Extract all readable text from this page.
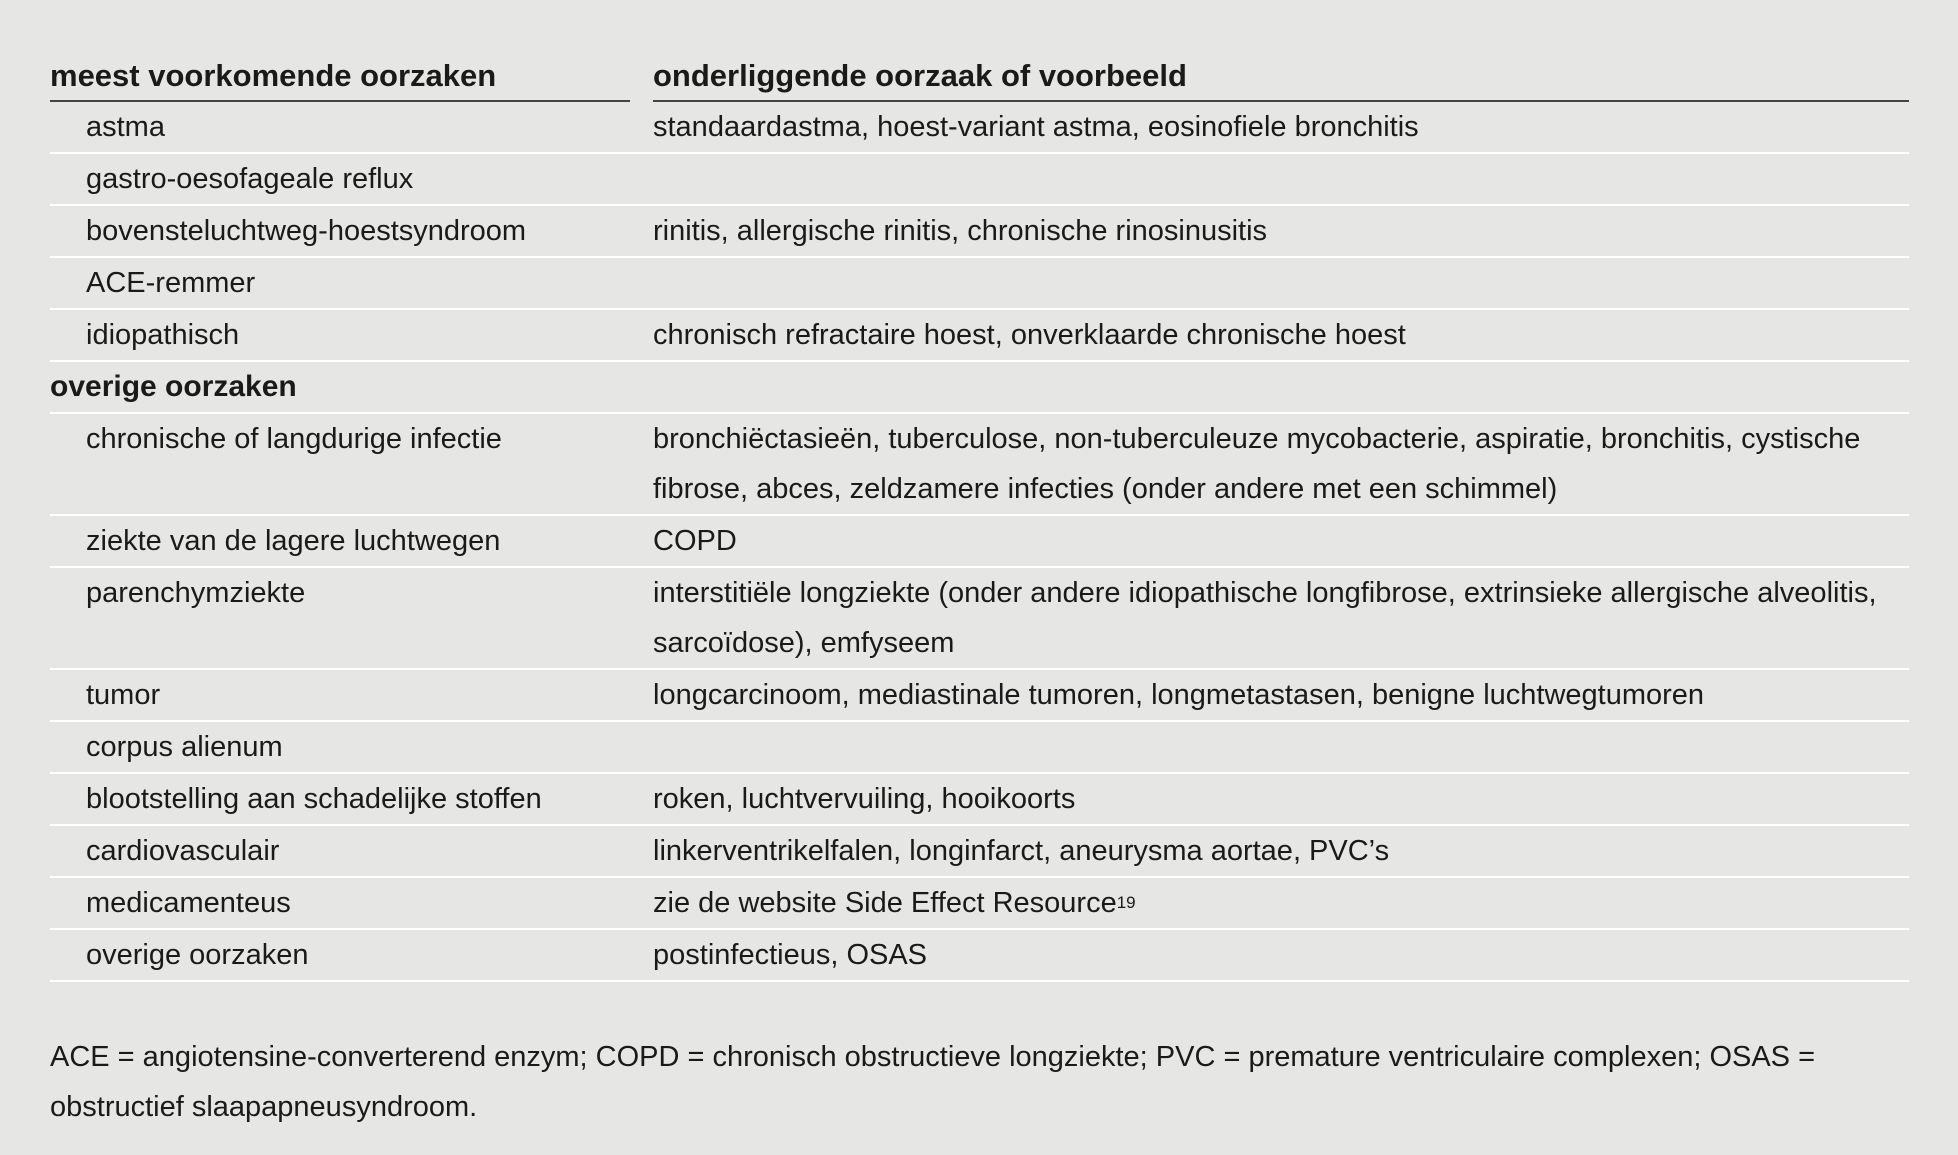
meest voorkomende oorzaken		onderliggende oorzaak of voorbeeld
astma		standaardastma, hoest-variant astma, eosinofiele bronchitis
gastro-oesofageale reflux		
bovensteluchtweg-hoestsyndroom		rinitis, allergische rinitis, chronische rinosinusitis
ACE-remmer		
idiopathisch		chronisch refractaire hoest, onverklaarde chronische hoest
overige oorzaken		
chronische of langdurige infectie		bronchiëctasieën, tuberculose, non-tuberculeuze mycobacterie, aspiratie, bronchitis, cystische fibrose, abces, zeldzamere infecties (onder andere met een schimmel)
ziekte van de lagere luchtwegen		COPD
parenchymziekte		interstitiële longziekte (onder andere idiopathische longfibrose, extrinsieke allergische alveolitis, sarcoïdose), emfyseem
tumor		longcarcinoom, mediastinale tumoren, longmetastasen, benigne luchtwegtumoren
corpus alienum		
blootstelling aan schadelijke stoffen		roken, luchtvervuiling, hooikoorts
cardiovasculair		linkerventrikelfalen, longinfarct, aneurysma aortae, PVC’s
medicamenteus		zie de website Side Effect Resource$^{19}$
overige oorzaken		postinfectieus, OSAS
ACE = angiotensine-converterend enzym; COPD = chronisch obstructieve longziekte; PVC = premature ventriculaire complexen; OSAS = obstructief slaapapneusyndroom.
